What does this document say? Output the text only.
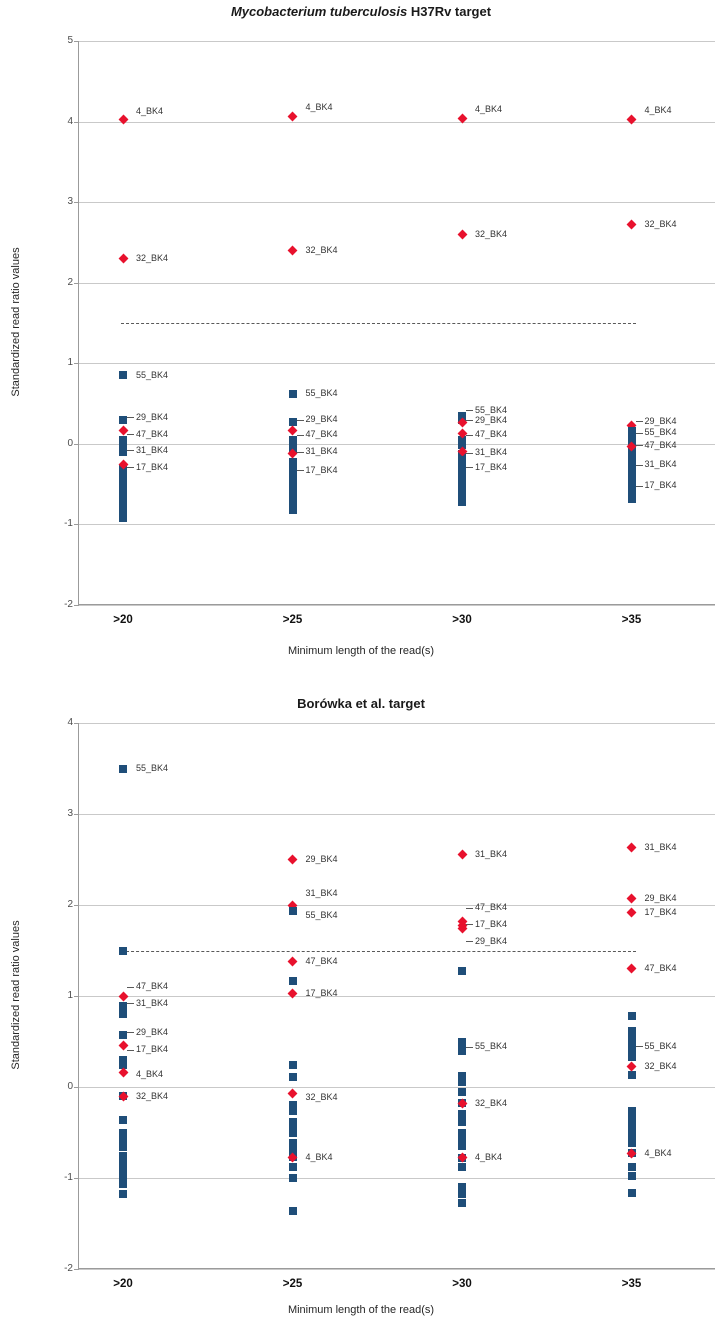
Mycobacterium tuberculosis H37Rv target
Standardized read ratio values
5
4
3
2
1
0
-1
-2
>20	>25	>30	>35
4_BK4
32_BK4
55_BK4
29_BK4
47_BK4
31_BK4
17_BK4
4_BK4
32_BK4
55_BK4
29_BK4
47_BK4
31_BK4
17_BK4
4_BK4
32_BK4
55_BK4
29_BK4
47_BK4
31_BK4
17_BK4
4_BK4
32_BK4
29_BK4
55_BK4
47_BK4
31_BK4
17_BK4
Minimum length of the read(s)
Borówka et al. target
Standardized read ratio values
4
3
2
1
0
-1
-2
>20	>25	>30	>35
55_BK4
47_BK4
31_BK4
29_BK4
17_BK4
4_BK4
32_BK4
29_BK4
31_BK4
55_BK4
47_BK4
17_BK4
32_BK4
4_BK4
31_BK4
47_BK4
17_BK4
29_BK4
55_BK4
32_BK4
4_BK4
31_BK4
29_BK4
17_BK4
47_BK4
55_BK4
32_BK4
4_BK4
Minimum length of the read(s)
